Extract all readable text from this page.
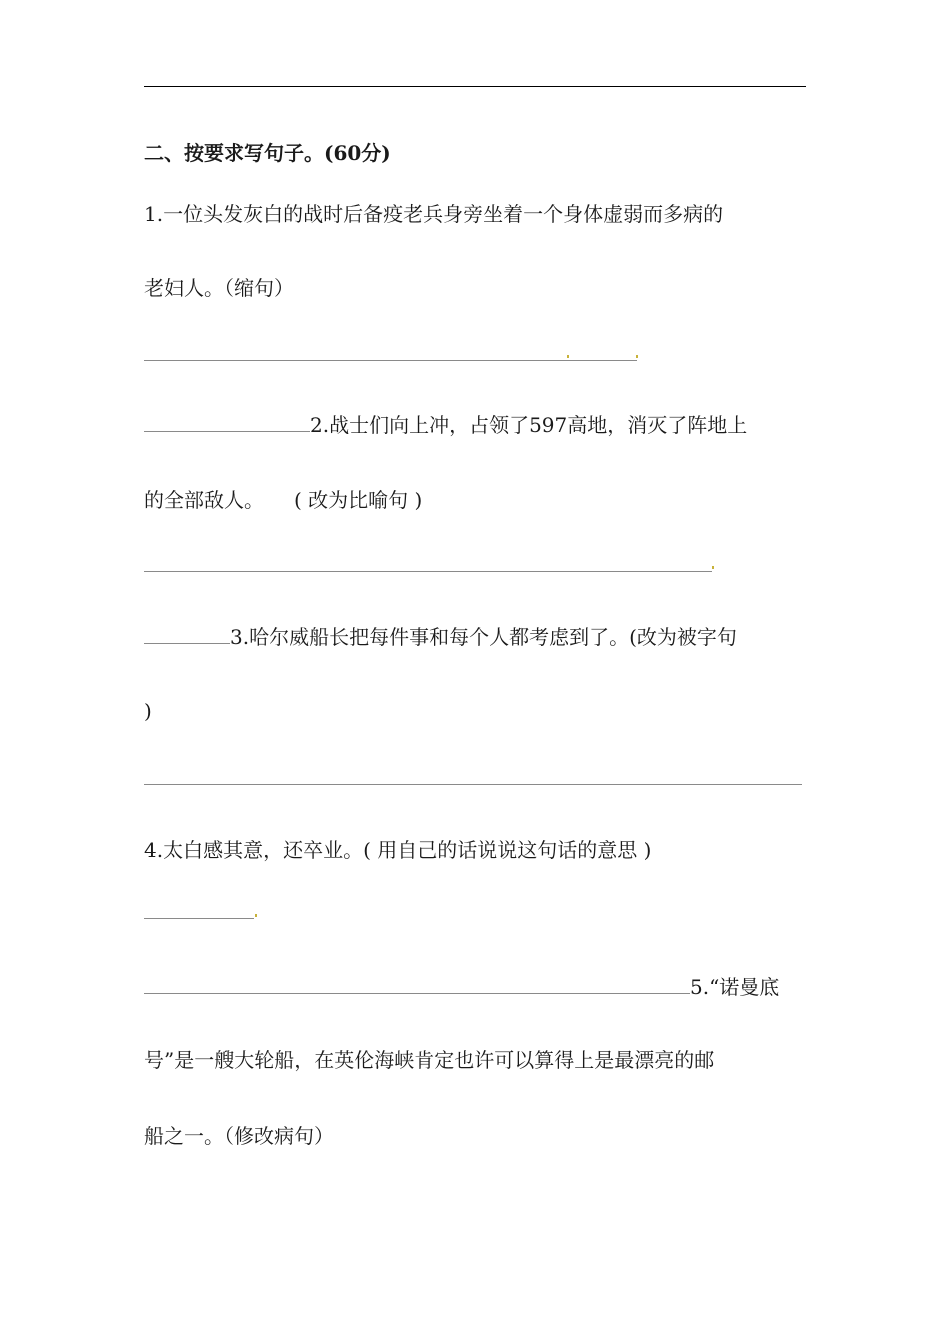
二、按要求写句子。(60分)
1.一位头发灰白的战时后备疫老兵身旁坐着一个身体虚弱而多病的
老妇人。（缩句）
2.战士们向上冲，占领了597高地，消灭了阵地上
的全部敌人。　　( 改为比喻句 )
3.哈尔威船长把每件事和每个人都考虑到了。(改为被字句
)
4.太白感其意，还卒业。( 用自己的话说说这句话的意思 )
5.“诺曼底
号”是一艘大轮船，在英伦海峡肯定也许可以算得上是最漂亮的邮
船之一。（修改病句）
